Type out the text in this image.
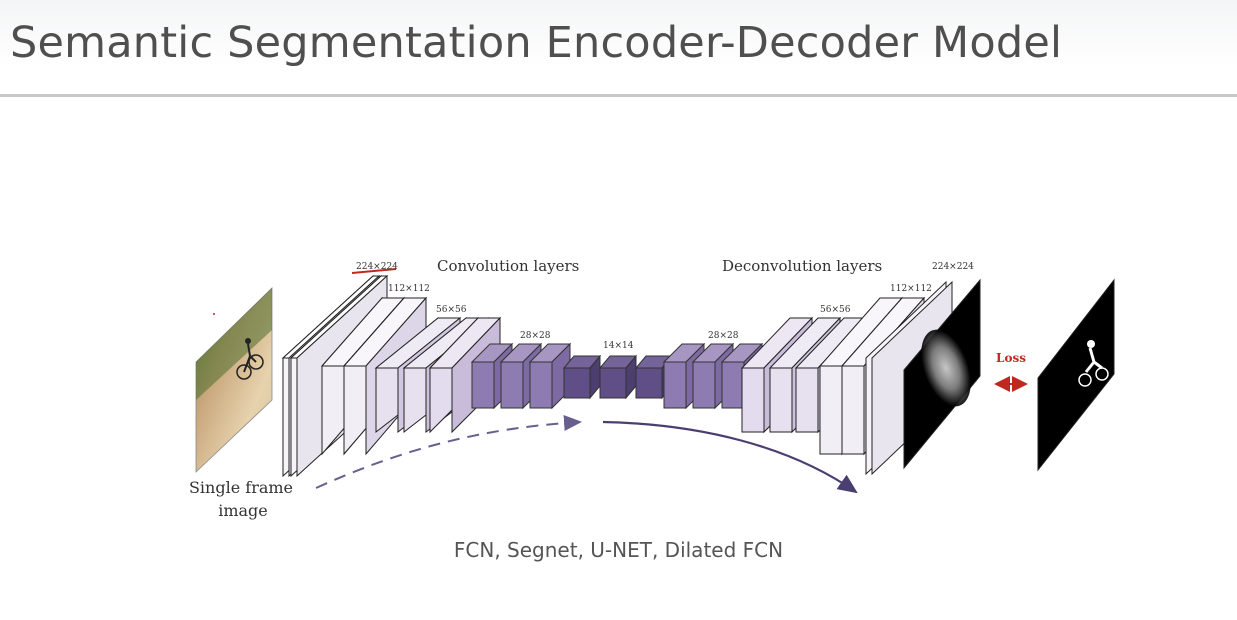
Semantic Segmentation Encoder-Decoder Model
224×224
112×112
56×56
28×28
14×14
28×28
56×56
112×112
224×224
Convolution layers	Deconvolution layers
Loss
Single frame
image
FCN, Segnet, U-NET, Dilated FCN
